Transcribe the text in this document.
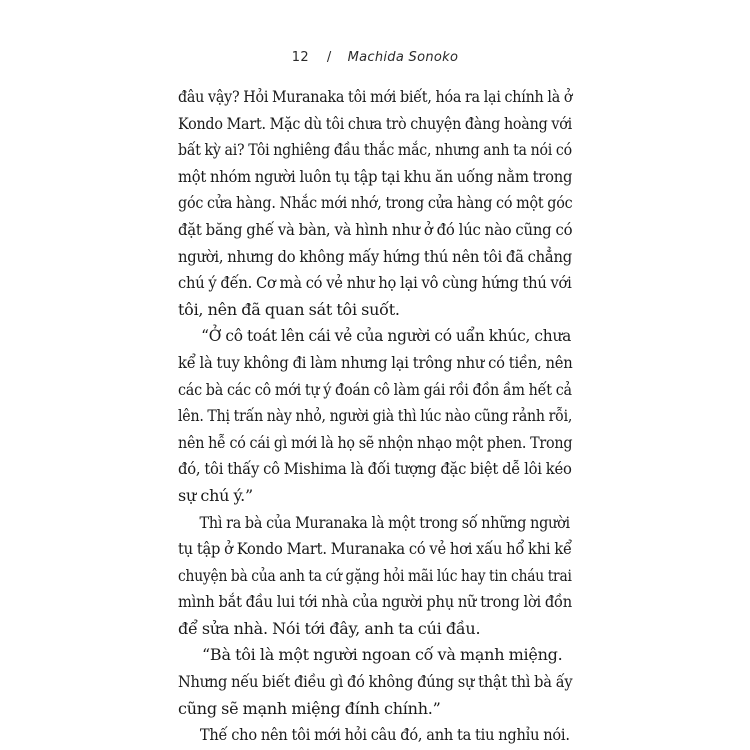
12 / Machida Sonoko
đâu vậy? Hỏi Muranaka tôi mới biết, hóa ra lại chính là ở
Kondo Mart. Mặc dù tôi chưa trò chuyện đàng hoàng với
bất kỳ ai? Tôi nghiêng đầu thắc mắc, nhưng anh ta nói có
một nhóm người luôn tụ tập tại khu ăn uống nằm trong
góc cửa hàng. Nhắc mới nhớ, trong cửa hàng có một góc
đặt băng ghế và bàn, và hình như ở đó lúc nào cũng có
người, nhưng do không mấy hứng thú nên tôi đã chẳng
chú ý đến. Cơ mà có vẻ như họ lại vô cùng hứng thú với
tôi, nên đã quan sát tôi suốt.
“Ở cô toát lên cái vẻ của người có uẩn khúc, chưa
kể là tuy không đi làm nhưng lại trông như có tiền, nên
các bà các cô mới tự ý đoán cô làm gái rồi đồn ầm hết cả
lên. Thị trấn này nhỏ, người già thì lúc nào cũng rảnh rỗi,
nên hễ có cái gì mới là họ sẽ nhộn nhạo một phen. Trong
đó, tôi thấy cô Mishima là đối tượng đặc biệt dễ lôi kéo
sự chú ý.”
Thì ra bà của Muranaka là một trong số những người
tụ tập ở Kondo Mart. Muranaka có vẻ hơi xấu hổ khi kể
chuyện bà của anh ta cứ gặng hỏi mãi lúc hay tin cháu trai
mình bắt đầu lui tới nhà của người phụ nữ trong lời đồn
để sửa nhà. Nói tới đây, anh ta cúi đầu.
“Bà tôi là một người ngoan cố và mạnh miệng.
Nhưng nếu biết điều gì đó không đúng sự thật thì bà ấy
cũng sẽ mạnh miệng đính chính.”
Thế cho nên tôi mới hỏi câu đó, anh ta tiu nghỉu nói.
